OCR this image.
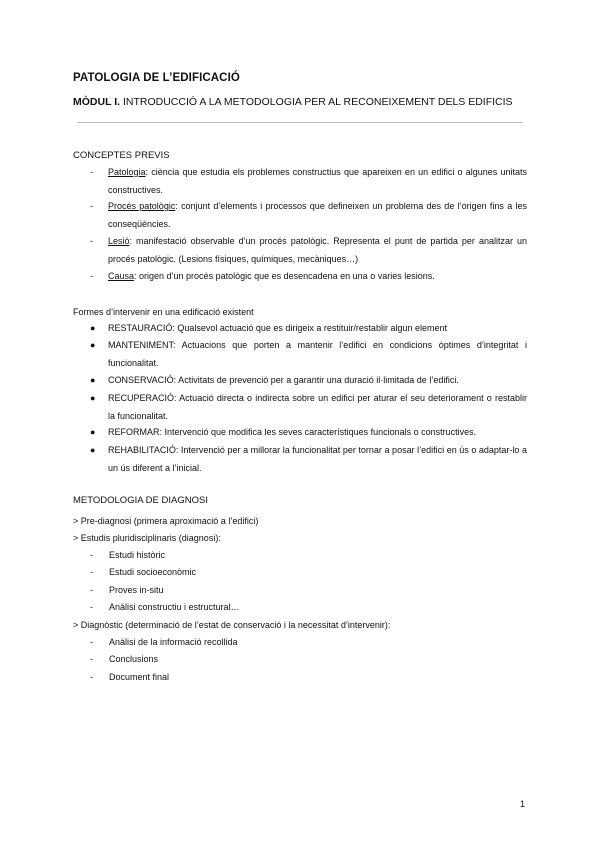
PATOLOGIA DE L’EDIFICACIÓ
MÒDUL I. INTRODUCCIÓ A LA METODOLOGIA PER AL RECONEIXEMENT DELS EDIFICIS
CONCEPTES PREVIS
-	Patologia: ciència que estudia els problemes constructius que apareixen en un edifici o algunes unitats constructives.
-	Procés patològic: conjunt d’elements i processos que defineixen un problema des de l’origen fins a les conseqüències.
-	Lesió: manifestació observable d’un procés patològic. Representa el punt de partida per analitzar un procés patològic. (Lesions físiques, químiques, mecàniques…)
-	Causa: origen d’un procés patològic que es desencadena en una o varies lesions.
Formes d’intervenir en una edificació existent
●	RESTAURACIÓ: Qualsevol actuació que es dirigeix a restituir/restablir algun element
●	MANTENIMENT: Actuacions que porten a mantenir l’edifici en condicions òptimes d’integritat i funcionalitat.
●	CONSERVACIÓ: Activitats de prevenció per a garantir una duració il·limitada de l’edifici.
●	RECUPERACIÓ: Actuació directa o indirecta sobre un edifici per aturar el seu deteriorament o restablir la funcionalitat.
●	REFORMAR: Intervenció que modifica les seves característiques funcionals o constructives.
●	REHABILITACIÓ: Intervenció per a millorar la funcionalitat per tornar a posar l’edifici en ús o adaptar-lo a un ús diferent a l’inicial.
METODOLOGIA DE DIAGNOSI
> Pre-diagnosi (primera aproximació a l’edifici)
> Estudis pluridisciplinaris (diagnosi):
- Estudi històric
- Estudi socioeconòmic
- Proves in-situ
- Anàlisi constructiu i estructural…
> Diagnòstic (determinació de l’estat de conservació i la necessitat d’intervenir):
- Anàlisi de la informació recollida
- Conclusions
- Document final
1
